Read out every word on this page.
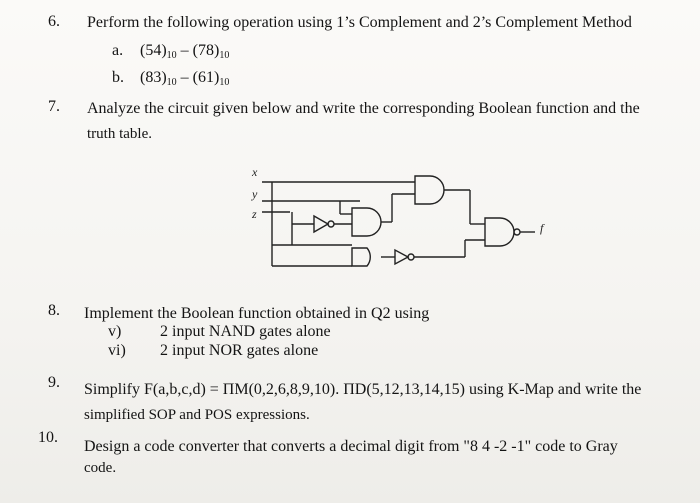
6. Perform the following operation using 1’s Complement and 2’s Complement Method
a. $(54)_{10} - (78)_{10}$
b. $(83)_{10} - (61)_{10}$
7. Analyze the circuit given below and write the corresponding Boolean function and the
truth table.
x
y
z
f
8. Implement the Boolean function obtained in Q2 using
v) 2 input NAND gates alone
vi) 2 input NOR gates alone
9. Simplify F(a,b,c,d) = ΠM(0,2,6,8,9,10). ΠD(5,12,13,14,15) using K-Map and write the
simplified SOP and POS expressions.
10.
Design a code converter that converts a decimal digit from "8 4 -2 -1" code to Gray
code.
